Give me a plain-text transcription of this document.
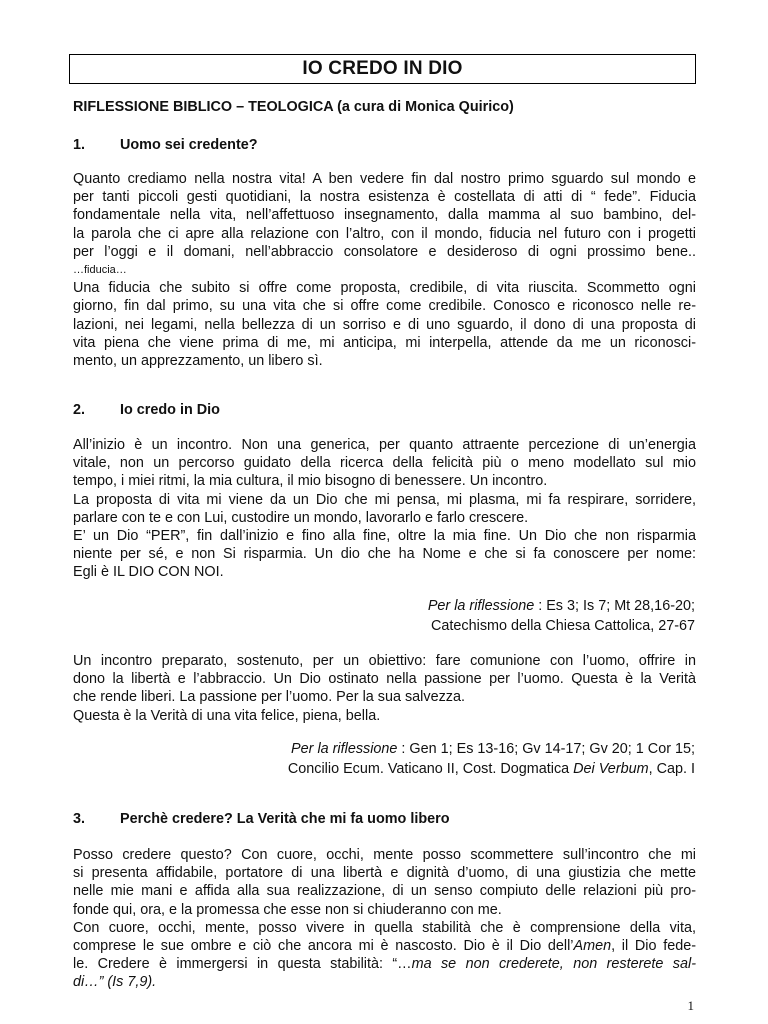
IO CREDO IN DIO
RIFLESSIONE BIBLICO – TEOLOGICA (a cura di Monica Quirico)
1. Uomo sei credente?

Quanto crediamo nella nostra vita! A ben vedere fin dal nostro primo sguardo sul mondo e

per tanti piccoli gesti quotidiani, la nostra esistenza è costellata di atti di “ fede”. Fiducia

fondamentale nella vita, nell’affettuoso insegnamento, dalla mamma al suo bambino, del-

la parola che ci apre alla relazione con l’altro, con il mondo, fiducia nel futuro con i progetti

per l’oggi e il domani, nell’abbraccio consolatore e desideroso di ogni prossimo bene..

…fiducia…

Una fiducia che subito si offre come proposta, credibile, di vita riuscita. Scommetto ogni

giorno, fin dal primo, su una vita che si offre come credibile. Conosco e riconosco nelle re-

lazioni, nei legami, nella bellezza di un sorriso e di uno sguardo, il dono di una proposta di

vita piena che viene prima di me, mi anticipa, mi interpella, attende da me un riconosci-

mento, un apprezzamento, un libero sì.

2. Io credo in Dio

All’inizio è un incontro. Non una generica, per quanto attraente percezione di un’energia

vitale, non un percorso guidato della ricerca della felicità più o meno modellato sul mio

tempo, i miei ritmi, la mia cultura, il mio bisogno di benessere. Un incontro.

La proposta di vita mi viene da un Dio che mi pensa, mi plasma, mi fa respirare, sorridere,

parlare con te e con Lui, custodire un mondo, lavorarlo e farlo crescere.

E’ un Dio “PER”, fin dall’inizio e fino alla fine, oltre la mia fine. Un Dio che non risparmia

niente per sé, e non Si risparmia. Un dio che ha Nome e che si fa conoscere per nome:

Egli è IL DIO CON NOI.

Per la riflessione : Es 3; Is 7; Mt 28,16-20;
Catechismo della Chiesa Cattolica, 27-67

Un incontro preparato, sostenuto, per un obiettivo: fare comunione con l’uomo, offrire in

dono la libertà e l’abbraccio. Un Dio ostinato nella passione per l’uomo. Questa è la Verità

che rende liberi. La passione per l’uomo. Per la sua salvezza.

Questa è la Verità di una vita felice, piena, bella.

Per la riflessione : Gen 1; Es 13-16; Gv 14-17; Gv 20; 1 Cor 15;
Concilio Ecum. Vaticano II, Cost. Dogmatica Dei Verbum, Cap. I
3. Perchè credere? La Verità che mi fa uomo libero

Posso credere questo? Con cuore, occhi, mente posso scommettere sull’incontro che mi

si presenta affidabile, portatore di una libertà e dignità d’uomo, di una giustizia che mette

nelle mie mani e affida alla sua realizzazione, di un senso compiuto delle relazioni più pro-

fonde qui, ora, e la promessa che esse non si chiuderanno con me.

Con cuore, occhi, mente, posso vivere in quella stabilità che è comprensione della vita,

comprese le sue ombre e ciò che ancora mi è nascosto. Dio è il Dio dell’Amen, il Dio fede-

le. Credere è immergersi in questa stabilità: “…ma se non crederete, non resterete sal-

di…” (Is 7,9).

1
